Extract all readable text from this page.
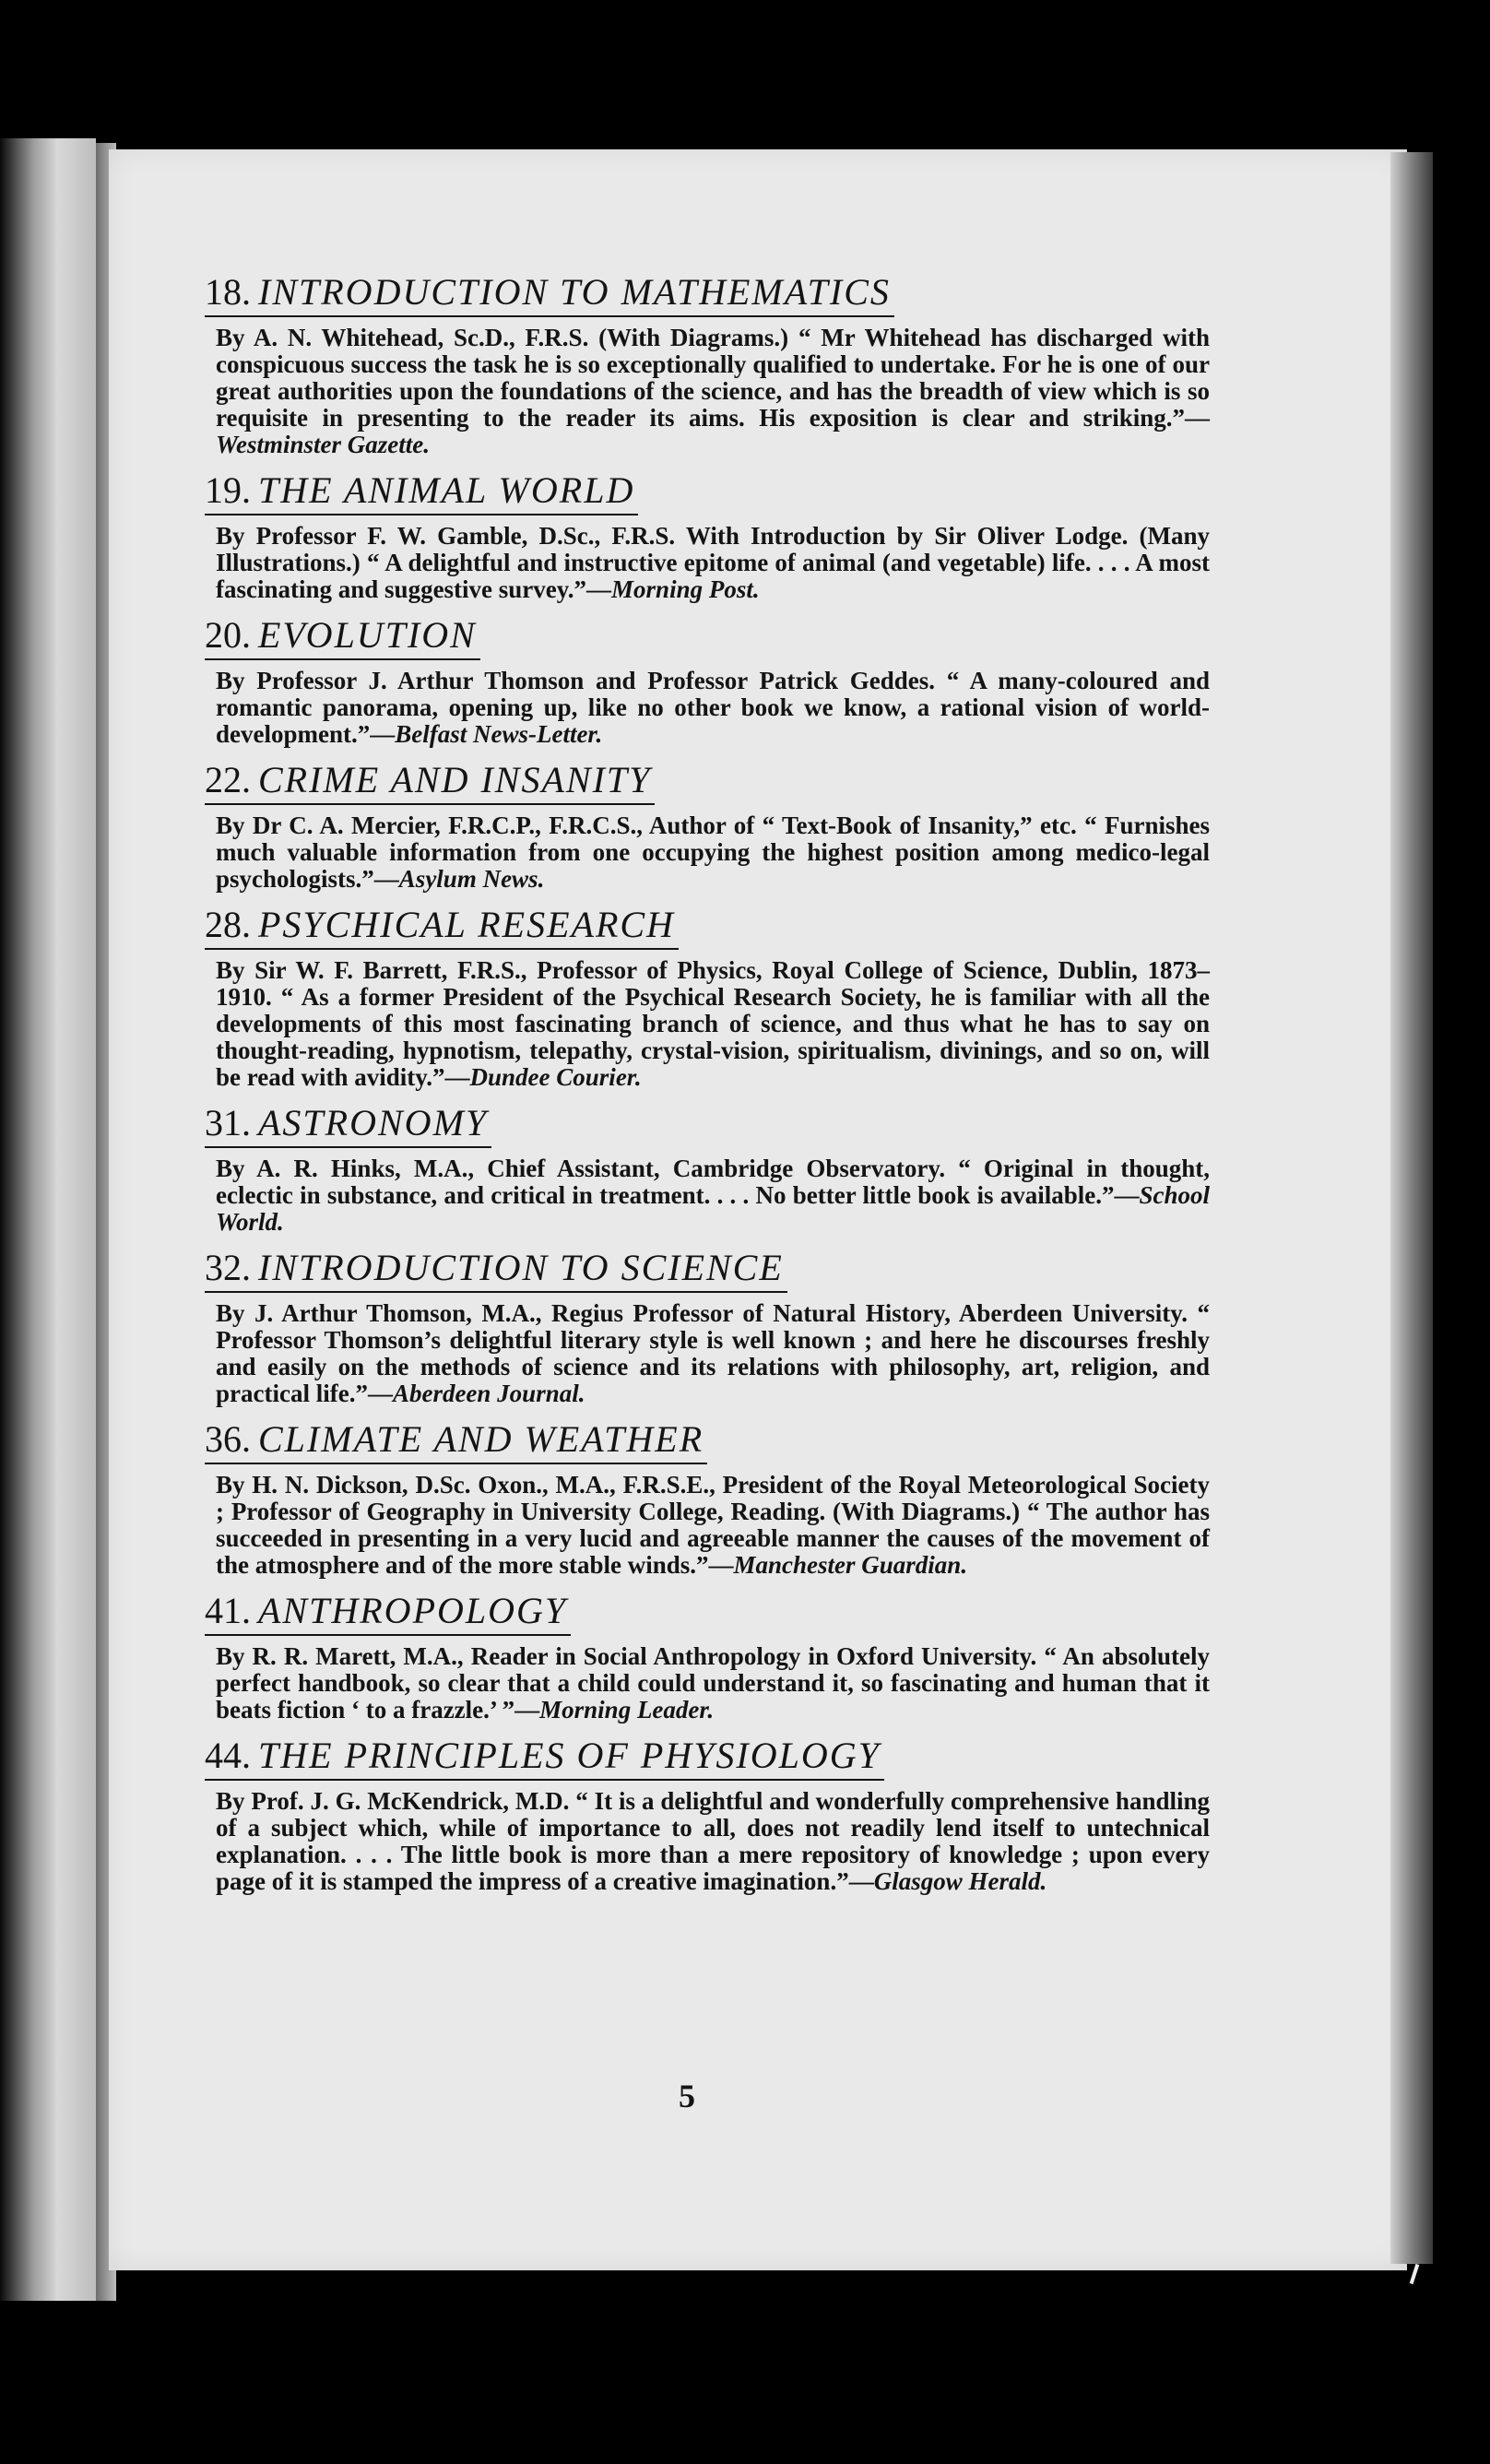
18. INTRODUCTION TO MATHEMATICS

By A. N. Whitehead, Sc.D., F.R.S. (With Diagrams.) “ Mr Whitehead has discharged with conspicuous success the task he is so exceptionally qualified to undertake. For he is one of our great authorities upon the foundations of the science, and has the breadth of view which is so requisite in presenting to the reader its aims. His exposition is clear and striking.”—Westminster Gazette.

19. THE ANIMAL WORLD

By Professor F. W. Gamble, D.Sc., F.R.S. With Introduction by Sir Oliver Lodge. (Many Illustrations.) “ A delightful and instructive epitome of animal (and vegetable) life. . . . A most fascinating and suggestive survey.”—Morning Post.

20. EVOLUTION

By Professor J. Arthur Thomson and Professor Patrick Geddes. “ A many-coloured and romantic panorama, opening up, like no other book we know, a rational vision of world-development.”—Belfast News-Letter.

22. CRIME AND INSANITY

By Dr C. A. Mercier, F.R.C.P., F.R.C.S., Author of “ Text-Book of Insanity,” etc. “ Furnishes much valuable information from one occupying the highest position among medico-legal psychologists.”—Asylum News.

28. PSYCHICAL RESEARCH

By Sir W. F. Barrett, F.R.S., Professor of Physics, Royal College of Science, Dublin, 1873–1910. “ As a former President of the Psychical Research Society, he is familiar with all the developments of this most fascinating branch of science, and thus what he has to say on thought-reading, hypnotism, telepathy, crystal-vision, spiritualism, divinings, and so on, will be read with avidity.”—Dundee Courier.

31. ASTRONOMY

By A. R. Hinks, M.A., Chief Assistant, Cambridge Observatory. “ Original in thought, eclectic in substance, and critical in treatment. . . . No better little book is available.”—School World.

32. INTRODUCTION TO SCIENCE

By J. Arthur Thomson, M.A., Regius Professor of Natural History, Aberdeen University. “ Professor Thomson’s delightful literary style is well known ; and here he discourses freshly and easily on the methods of science and its relations with philosophy, art, religion, and practical life.”—Aberdeen Journal.

36. CLIMATE AND WEATHER

By H. N. Dickson, D.Sc. Oxon., M.A., F.R.S.E., President of the Royal Meteorological Society ; Professor of Geography in University College, Reading. (With Diagrams.) “ The author has succeeded in presenting in a very lucid and agreeable manner the causes of the movement of the atmosphere and of the more stable winds.”—Manchester Guardian.

41. ANTHROPOLOGY

By R. R. Marett, M.A., Reader in Social Anthropology in Oxford University. “ An absolutely perfect handbook, so clear that a child could understand it, so fascinating and human that it beats fiction ‘ to a frazzle.’ ”—Morning Leader.

44. THE PRINCIPLES OF PHYSIOLOGY

By Prof. J. G. McKendrick, M.D. “ It is a delightful and wonderfully comprehensive handling of a subject which, while of importance to all, does not readily lend itself to untechnical explanation. . . . The little book is more than a mere repository of knowledge ; upon every page of it is stamped the impress of a creative imagination.”—Glasgow Herald.

5
